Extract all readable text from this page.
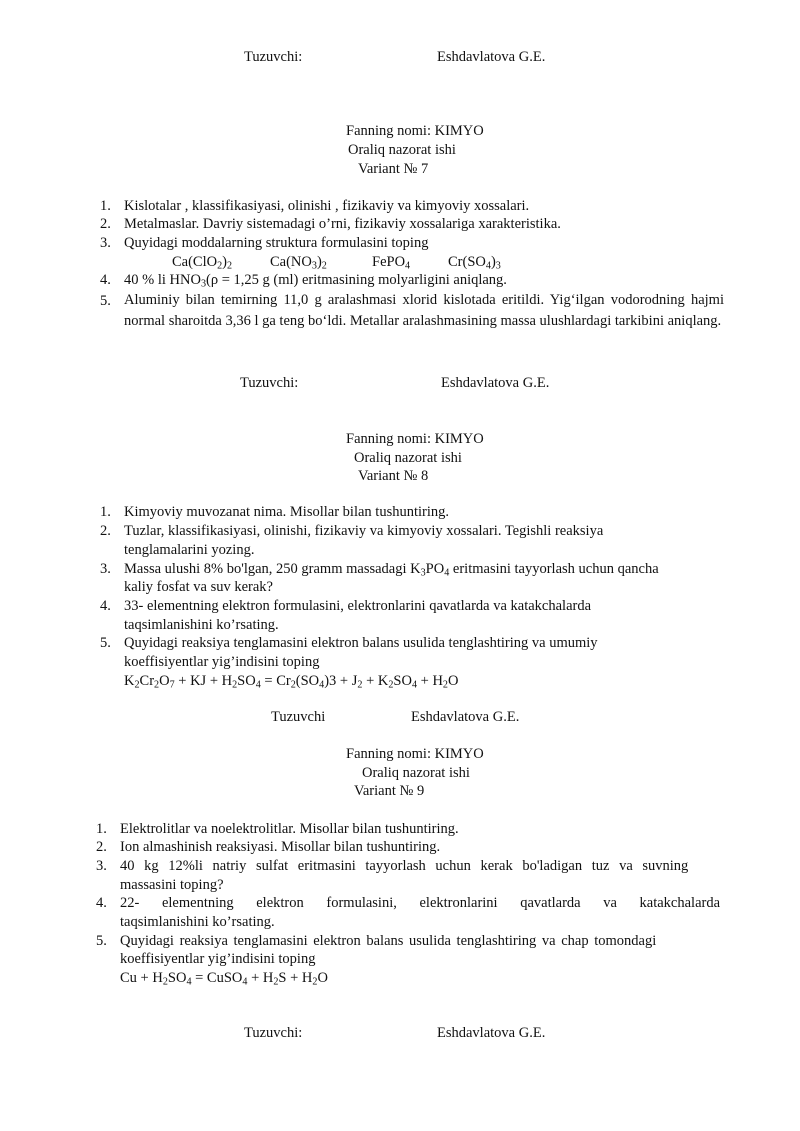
Tuzuvchi:	Eshdavlatova G.E.
Fanning nomi: KIMYO
Oraliq nazorat ishi
Variant № 7
1. Kislotalar , klassifikasiyasi, olinishi , fizikaviy va kimyoviy xossalari.
2. Metalmaslar. Davriy sistemadagi o’rni, fizikaviy xossalariga xarakteristika.
3. Quyidagi moddalarning struktura formulasini toping
$Ca(ClO_2)_2$	$Ca(NO_3)_2$	FePO$_4$	$Cr(SO_4)_3$
4. 40 % li $HNO_3(\rho = 1,25$ g (ml) eritmasining molyarligini aniqlang.
5. Aluminiy bilan temirning 11,0 g aralashmasi xlorid kislotada eritildi. Yig‘ilgan vodorodning hajmi normal sharoitda 3,36 l ga teng bo‘ldi. Metallar aralashmasining massa ulushlardagi tarkibini aniqlang.
Tuzuvchi:	Eshdavlatova G.E.
Fanning nomi: KIMYO
Oraliq nazorat ishi
Variant № 8
1. Kimyoviy muvozanat nima. Misollar bilan tushuntiring.
2. Tuzlar, klassifikasiyasi, olinishi, fizikaviy va kimyoviy xossalari. Tegishli reaksiya
tenglamalarini yozing.
3. Massa ulushi 8% bo'lgan, 250 gramm massadagi $K_3PO_4$ eritmasini tayyorlash uchun qancha
kaliy fosfat va suv kerak?
4. 33- elementning elektron formulasini, elektronlarini qavatlarda va katakchalarda
taqsimlanishini ko’rsating.
5. Quyidagi reaksiya tenglamasini elektron balans usulida tenglashtiring va umumiy
koeffisiyentlar yig’indisini toping
$K_2Cr_2O_7$ + KJ + $H_2SO_4 = Cr_2(SO_4)3 + J_2 + K_2SO_4 + H_2O$
Tuzuvchi	Eshdavlatova G.E.
Fanning nomi: KIMYO
Oraliq nazorat ishi
Variant № 9
1. Elektrolitlar va noelektrolitlar. Misollar bilan tushuntiring.
2. Ion almashinish reaksiyasi. Misollar bilan tushuntiring.
3. 40 kg 12%li natriy sulfat eritmasini tayyorlash uchun kerak bo'ladigan tuz va suvning
massasini toping?
4. 22- elementning elektron formulasini, elektronlarini qavatlarda va katakchalarda
taqsimlanishini ko’rsating.
5. Quyidagi reaksiya tenglamasini elektron balans usulida tenglashtiring va chap tomondagi
koeffisiyentlar yig’indisini toping
$Cu + H_2SO_4$ = CuSO$_4$ + $H_2S + H_2O$
Tuzuvchi:	Eshdavlatova G.E.
